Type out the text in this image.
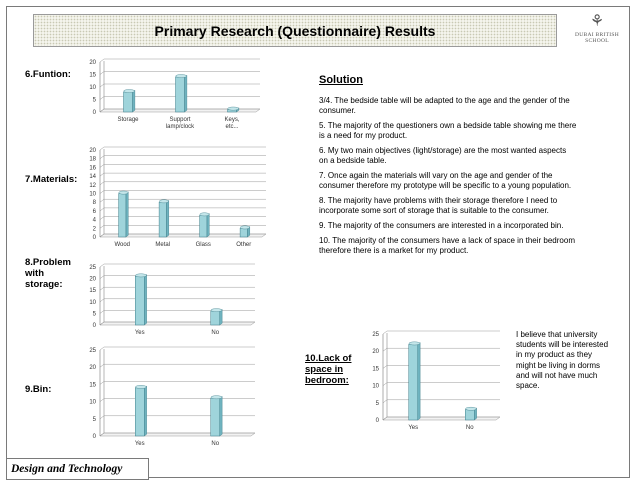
Primary Research (Questionnaire) Results
⚘
DUBAI BRITISH SCHOOL
6.Funtion:
7.Materials:
8.Problem
with
storage:
9.Bin:
10.Lack of
space in
bedroom:
0
5
10
15
20
Storage	Support
lamp/clock
Keys,
etc...
0
2
4
6
8
10
12
14
16
18
20
Wood	Metal	Glass	Other
0
5
10
15
20
25
Yes	No
0
5
10
15
20
25
Yes	No
0
5
10
15
20
25
Yes	No
Solution

3/4. The bedside table will be adapted to the age and the gender of the consumer.

5. The majority of the questioners own a bedside table showing me there is a need for my product.

6. My two main objectives (light/storage) are the most wanted aspects on a bedside table.

7. Once again the materials will vary on the age and gender of the consumer therefore my prototype will be specific to a young population.

8. The majority have problems with their storage therefore I need to incorporate some sort of storage that is suitable to the consumer.

9. The majority of the consumers are interested in a incorporated bin.

10. The majority of the consumers have a lack of space in their bedroom therefore there is a market for my product.

I believe that university students will be interested in my product as they might be living in dorms and will not have much space.
Design and Technology
